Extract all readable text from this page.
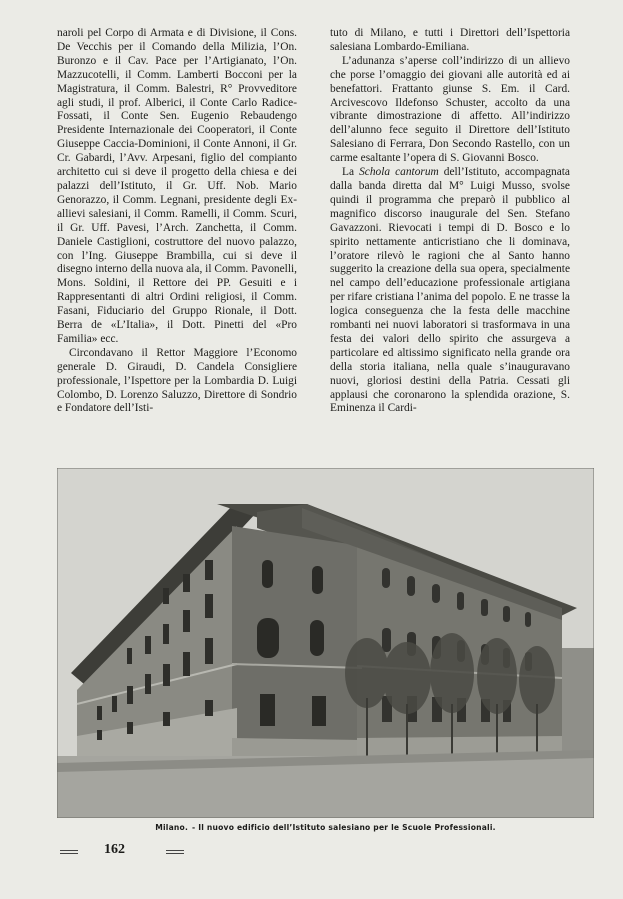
naroli pel Corpo di Armata e di Divisione, il Cons. De Vecchis per il Comando della Milizia, l’On. Buronzo e il Cav. Pace per l’Artigianato, l’On. Mazzucotelli, il Comm. Lamberti Bocconi per la Magistratura, il Comm. Balestri, R° Provveditore agli studi, il prof. Alberici, il Conte Carlo Radice-Fossati, il Conte Sen. Eugenio Rebaudengo Presidente Internazionale dei Cooperatori, il Conte Giuseppe Caccia-Dominioni, il Conte Annoni, il Gr. Cr. Gabardi, l’Avv. Arpesani, figlio del compianto architetto cui si deve il progetto della chiesa e dei palazzi dell’Istituto, il Gr. Uff. Nob. Mario Genorazzo, il Comm. Legnani, presidente degli Ex-allievi salesiani, il Comm. Ramelli, il Comm. Scuri, il Gr. Uff. Pavesi, l’Arch. Zanchetta, il Comm. Daniele Castiglioni, costruttore del nuovo palazzo, con l’Ing. Giuseppe Brambilla, cui si deve il disegno interno della nuova ala, il Comm. Pavonelli, Mons. Soldini, il Rettore dei PP. Gesuiti e i Rappresentanti di altri Ordini religiosi, il Comm. Fasani, Fiduciario del Gruppo Rionale, il Dott. Berra de «L’Italia», il Dott. Pinetti del «Pro Familia» ecc.

Circondavano il Rettor Maggiore l’Economo generale D. Giraudi, D. Candela Consigliere professionale, l’Ispettore per la Lombardia D. Luigi Colombo, D. Lorenzo Saluzzo, Direttore di Sondrio e Fondatore dell’Isti-

tuto di Milano, e tutti i Direttori dell’Ispettoria salesiana Lombardo-Emiliana.

L’adunanza s’aperse coll’indirizzo di un allievo che porse l’omaggio dei giovani alle autorità ed ai benefattori. Frattanto giunse S. Em. il Card. Arcivescovo Ildefonso Schuster, accolto da una vibrante dimostrazione di affetto. All’indirizzo dell’alunno fece seguito il Direttore dell’Istituto Salesiano di Ferrara, Don Secondo Rastello, con un carme esaltante l’opera di S. Giovanni Bosco.

La Schola cantorum dell’Istituto, accompagnata dalla banda diretta dal M° Luigi Musso, svolse quindi il programma che preparò il pubblico al magnifico discorso inaugurale del Sen. Stefano Gavazzoni. Rievocati i tempi di D. Bosco e lo spirito nettamente anticristiano che li dominava, l’oratore rilevò le ragioni che al Santo hanno suggerito la creazione della sua opera, specialmente nel campo dell’educazione professionale artigiana per rifare cristiana l’anima del popolo. E ne trasse la logica conseguenza che la festa delle macchine rombanti nei nuovi laboratori si trasformava in una festa dei valori dello spirito che assurgeva a particolare ed altissimo significato nella grande ora della storia italiana, nella quale s’inauguravano nuovi, gloriosi destini della Patria. Cessati gli applausi che coronarono la splendida orazione, S. Eminenza il Cardi-

Milano. - Il nuovo edificio dell’Istituto salesiano per le Scuole Professionali.
162
